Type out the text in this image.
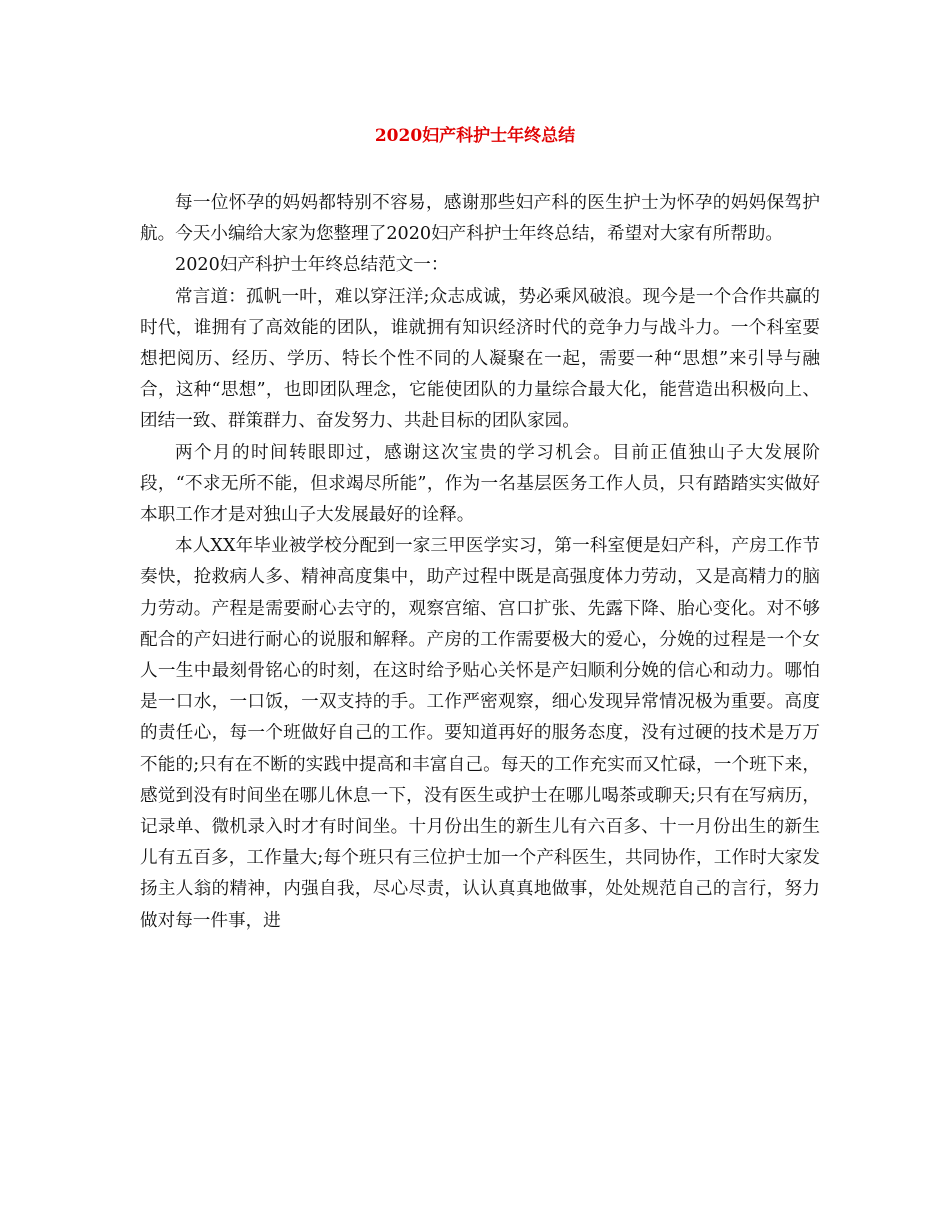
2020妇产科护士年终总结

每一位怀孕的妈妈都特别不容易，感谢那些妇产科的医生护士为怀孕的妈妈保驾护航。今天小编给大家为您整理了2020妇产科护士年终总结，希望对大家有所帮助。

2020妇产科护士年终总结范文一：

常言道：孤帆一叶，难以穿汪洋;众志成诚，势必乘风破浪。现今是一个合作共赢的时代，谁拥有了高效能的团队，谁就拥有知识经济时代的竞争力与战斗力。一个科室要想把阅历、经历、学历、特长个性不同的人凝聚在一起，需要一种“思想”来引导与融合，这种“思想”，也即团队理念，它能使团队的力量综合最大化，能营造出积极向上、团结一致、群策群力、奋发努力、共赴目标的团队家园。

两个月的时间转眼即过，感谢这次宝贵的学习机会。目前正值独山子大发展阶段，“不求无所不能，但求竭尽所能”，作为一名基层医务工作人员，只有踏踏实实做好本职工作才是对独山子大发展最好的诠释。

本人XX年毕业被学校分配到一家三甲医学实习，第一科室便是妇产科，产房工作节奏快，抢救病人多、精神高度集中，助产过程中既是高强度体力劳动，又是高精力的脑力劳动。产程是需要耐心去守的，观察宫缩、宫口扩张、先露下降、胎心变化。对不够配合的产妇进行耐心的说服和解释。产房的工作需要极大的爱心，分娩的过程是一个女人一生中最刻骨铭心的时刻，在这时给予贴心关怀是产妇顺利分娩的信心和动力。哪怕是一口水，一口饭，一双支持的手。工作严密观察，细心发现异常情况极为重要。高度的责任心，每一个班做好自己的工作。要知道再好的服务态度，没有过硬的技术是万万不能的;只有在不断的实践中提高和丰富自己。每天的工作充实而又忙碌，一个班下来，感觉到没有时间坐在哪儿休息一下，没有医生或护士在哪儿喝茶或聊天;只有在写病历，记录单、微机录入时才有时间坐。十月份出生的新生儿有六百多、十一月份出生的新生儿有五百多，工作量大;每个班只有三位护士加一个产科医生，共同协作，工作时大家发扬主人翁的精神，内强自我，尽心尽责，认认真真地做事，处处规范自己的言行，努力做对每一件事，进
